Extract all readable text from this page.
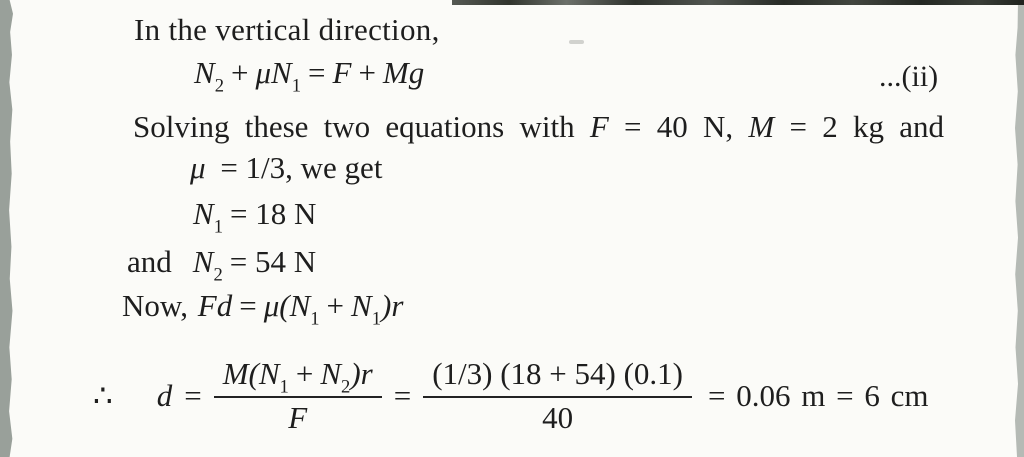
In the vertical direction,
$N_2 + \mu N_1 = F + Mg$	...(ii)
Solving these two equations with F = 40 N, M = 2 kg and
μ = 1/3, we get
$N_1 = 18$ N
and $N_2 = 54$ N
Now, $Fd = \mu(N_1 + N_1)r$
∴ $d = \frac{M(N_1 + N_2)r}{F} = \frac{(1/3) (18 + 54) (0.1)}{40} = 0.06$ m = 6 cm
